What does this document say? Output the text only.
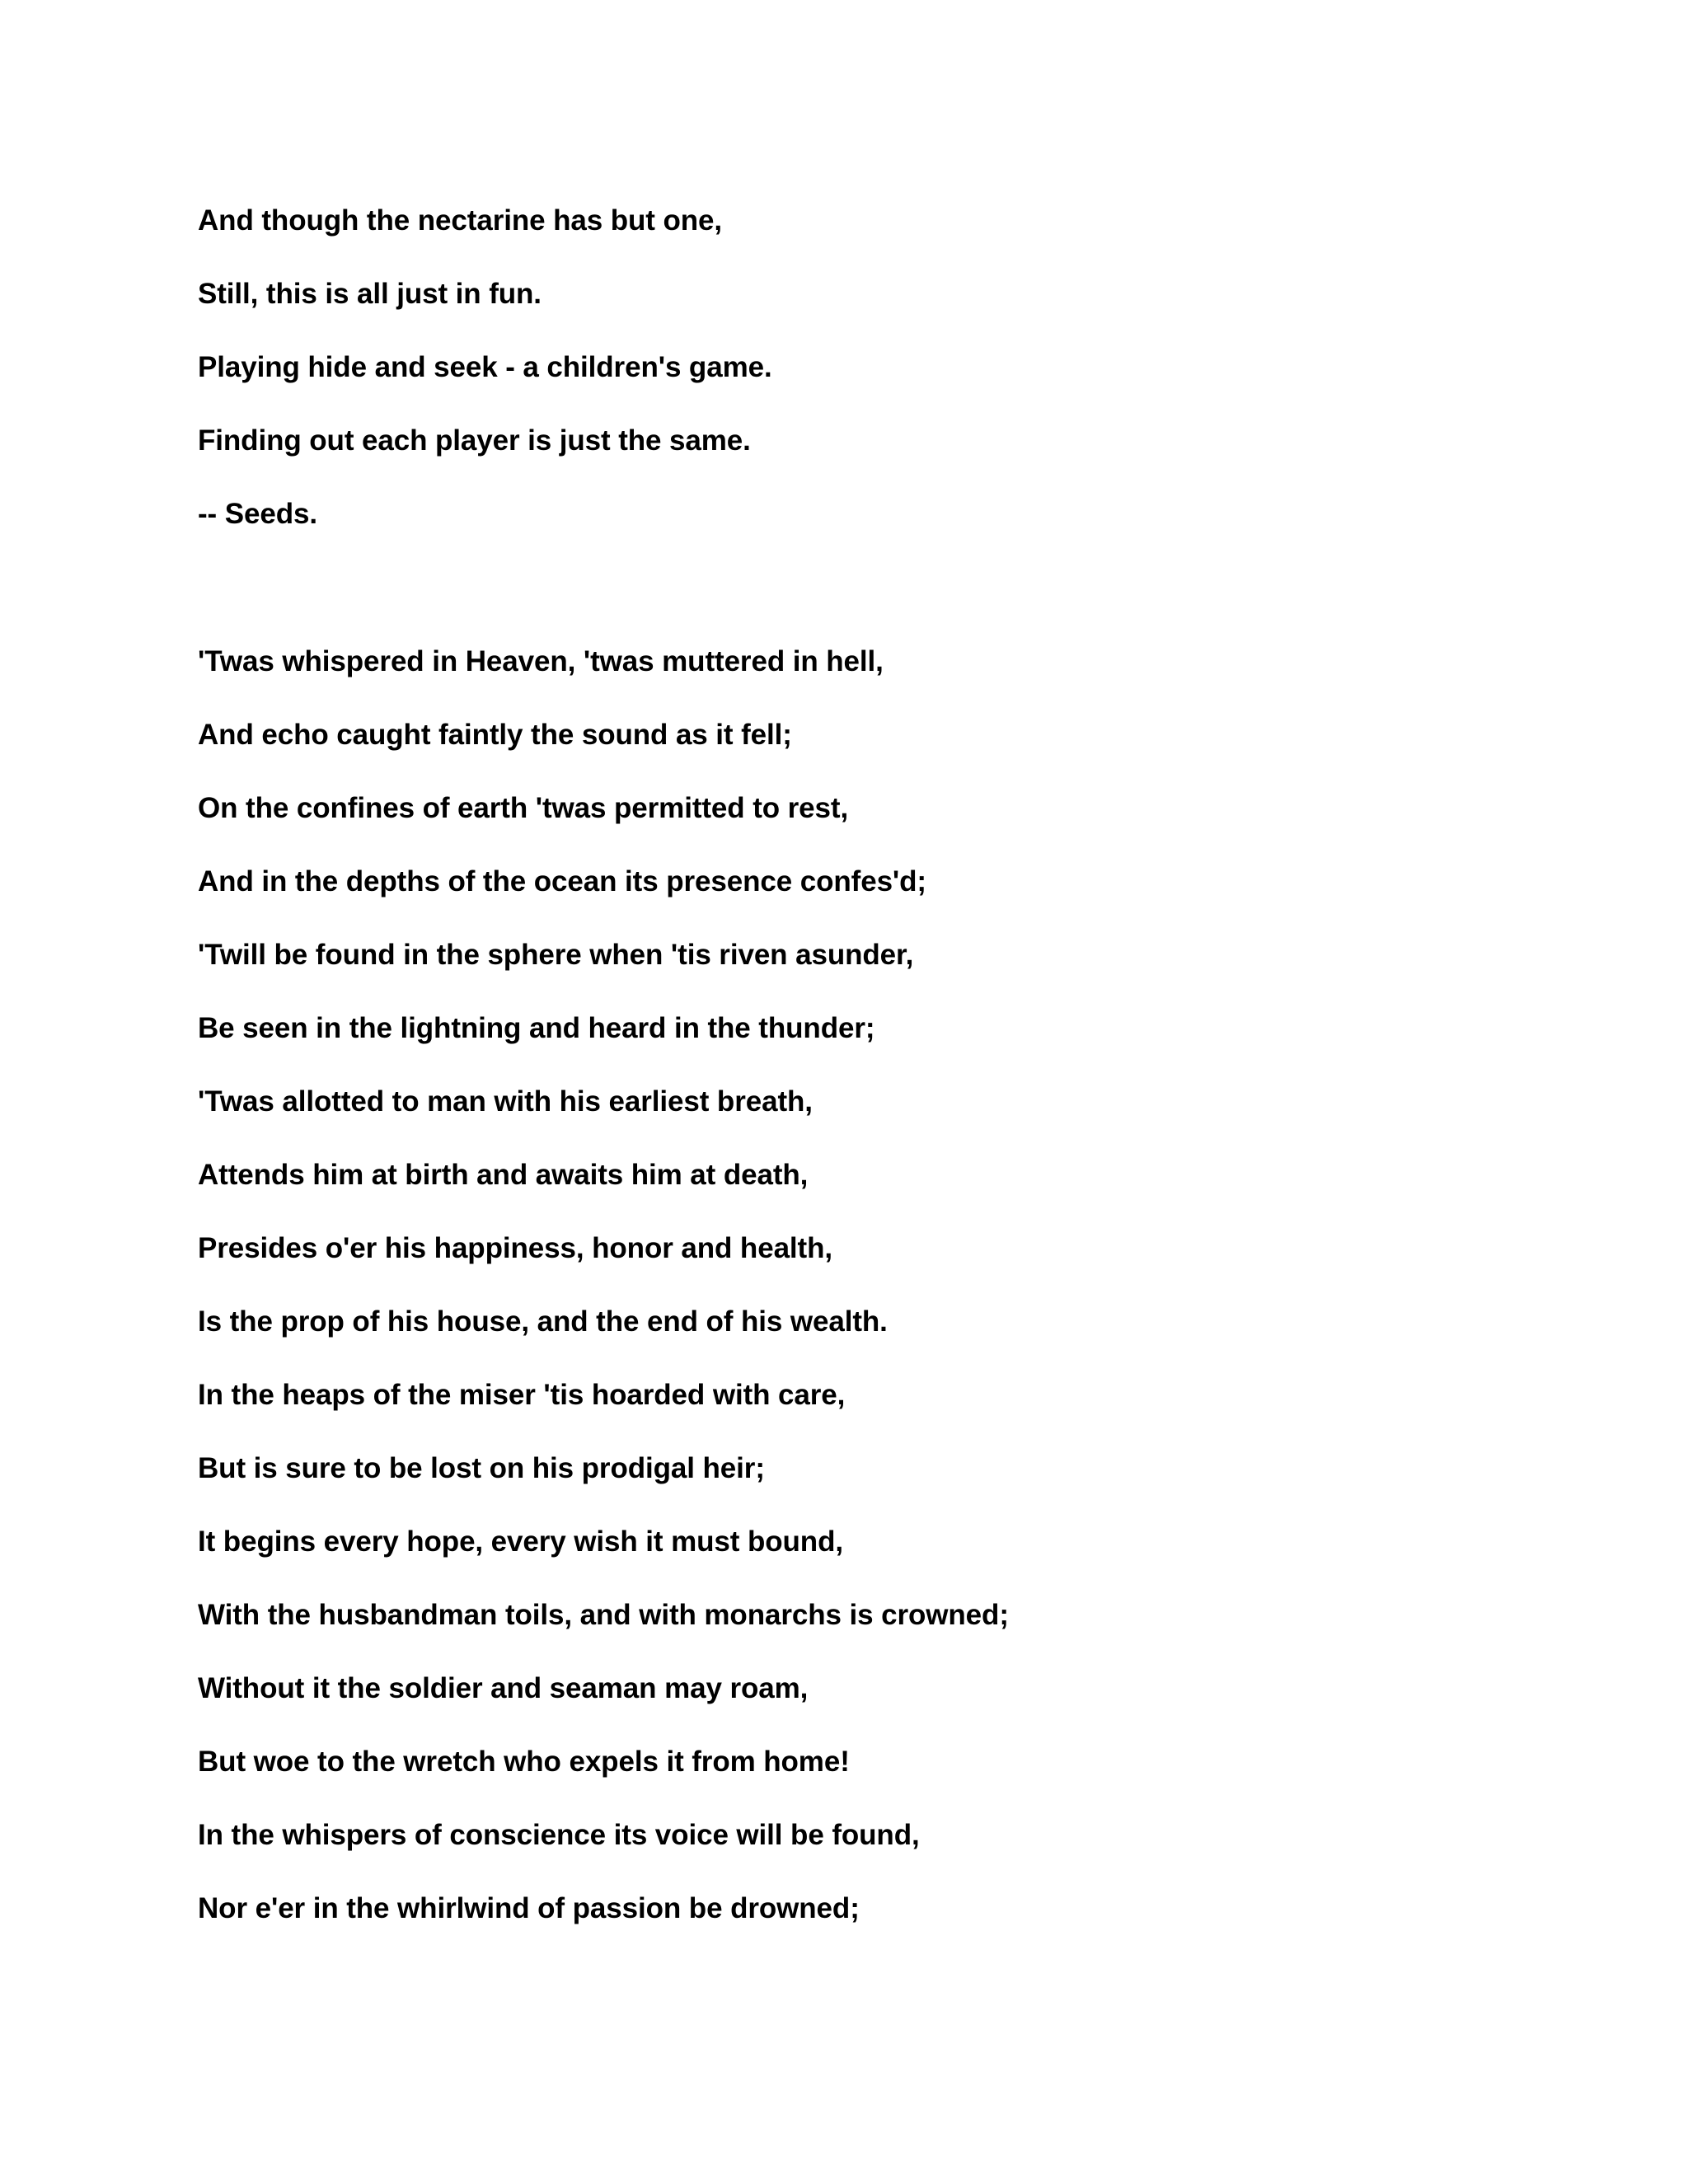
And though the nectarine has but one,
Still, this is all just in fun.
Playing hide and seek - a children's game.
Finding out each player is just the same.
-- Seeds.
'Twas whispered in Heaven, 'twas muttered in hell,
And echo caught faintly the sound as it fell;
On the confines of earth 'twas permitted to rest,
And in the depths of the ocean its presence confes'd;
'Twill be found in the sphere when 'tis riven asunder,
Be seen in the lightning and heard in the thunder;
'Twas allotted to man with his earliest breath,
Attends him at birth and awaits him at death,
Presides o'er his happiness, honor and health,
Is the prop of his house, and the end of his wealth.
In the heaps of the miser 'tis hoarded with care,
But is sure to be lost on his prodigal heir;
It begins every hope, every wish it must bound,
With the husbandman toils, and with monarchs is crowned;
Without it the soldier and seaman may roam,
But woe to the wretch who expels it from home!
In the whispers of conscience its voice will be found,
Nor e'er in the whirlwind of passion be drowned;
